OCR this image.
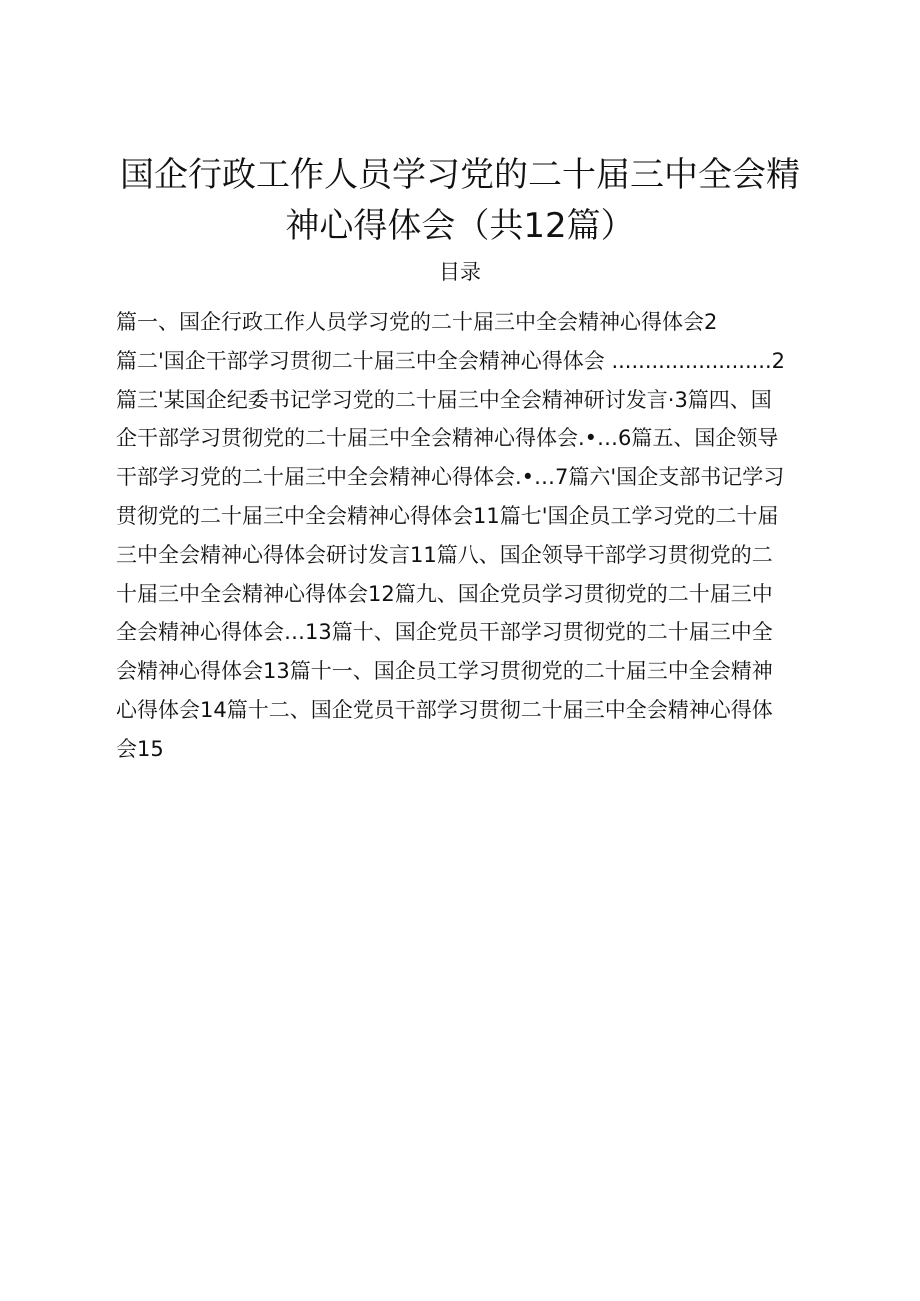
国企行政工作人员学习党的二十届三中全会精
神心得体会（共12篇）
目录
篇一、国企行政工作人员学习党的二十届三中全会精神心得体会2
篇二'国企干部学习贯彻二十届三中全会精神心得体会 ........................2
篇三'某国企纪委书记学习党的二十届三中全会精神研讨发言·3篇四、国
企干部学习贯彻党的二十届三中全会精神心得体会.•…6篇五、国企领导
干部学习党的二十届三中全会精神心得体会.•…7篇六'国企支部书记学习
贯彻党的二十届三中全会精神心得体会11篇七'国企员工学习党的二十届
三中全会精神心得体会研讨发言11篇八、国企领导干部学习贯彻党的二
十届三中全会精神心得体会12篇九、国企党员学习贯彻党的二十届三中
全会精神心得体会…13篇十、国企党员干部学习贯彻党的二十届三中全
会精神心得体会13篇十一、国企员工学习贯彻党的二十届三中全会精神
心得体会14篇十二、国企党员干部学习贯彻二十届三中全会精神心得体
会15
